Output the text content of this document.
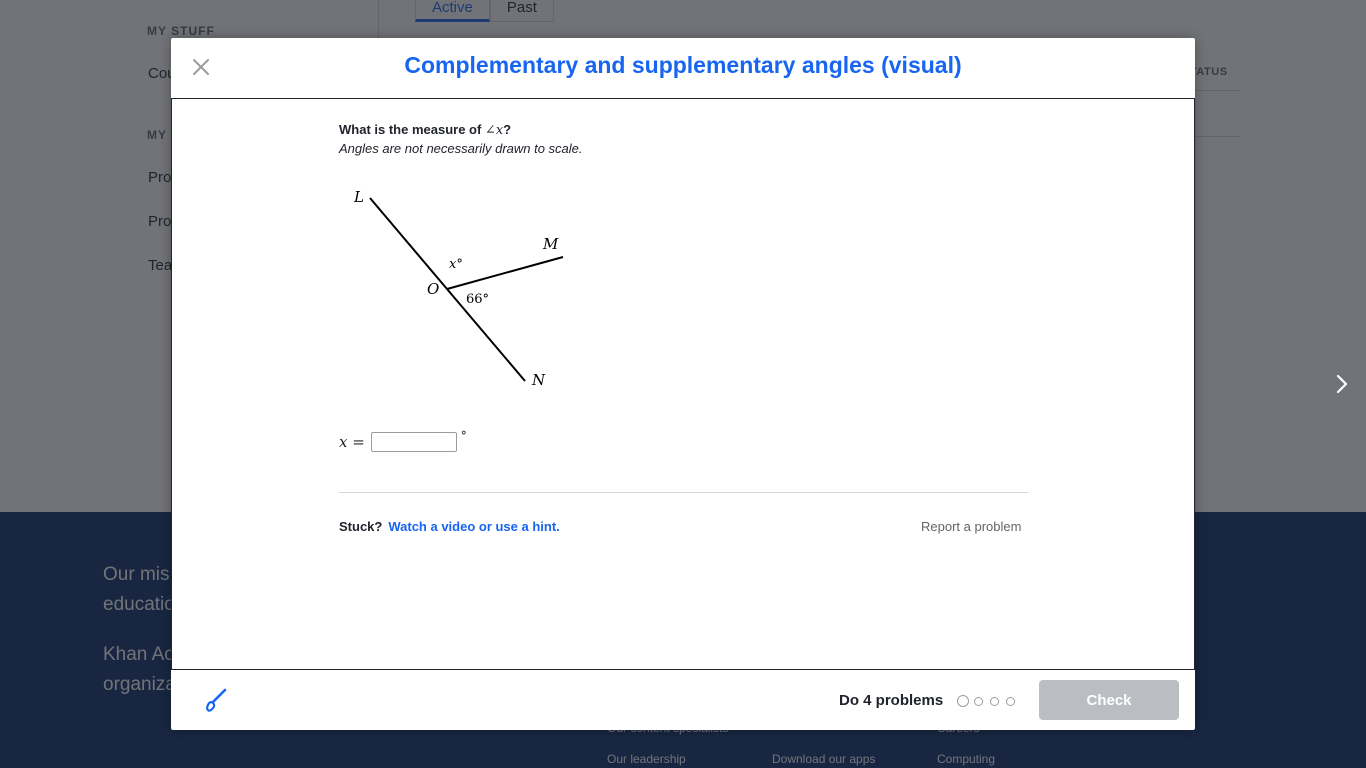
Complementary and supplementary angles (visual)
What is the measure of ∠x?
Angles are not necessarily drawn to scale.
L
M
O
N
x°
66°
x =	°
Stuck? Watch a video or use a hint.	Report a problem
Do 4 problems	Check
